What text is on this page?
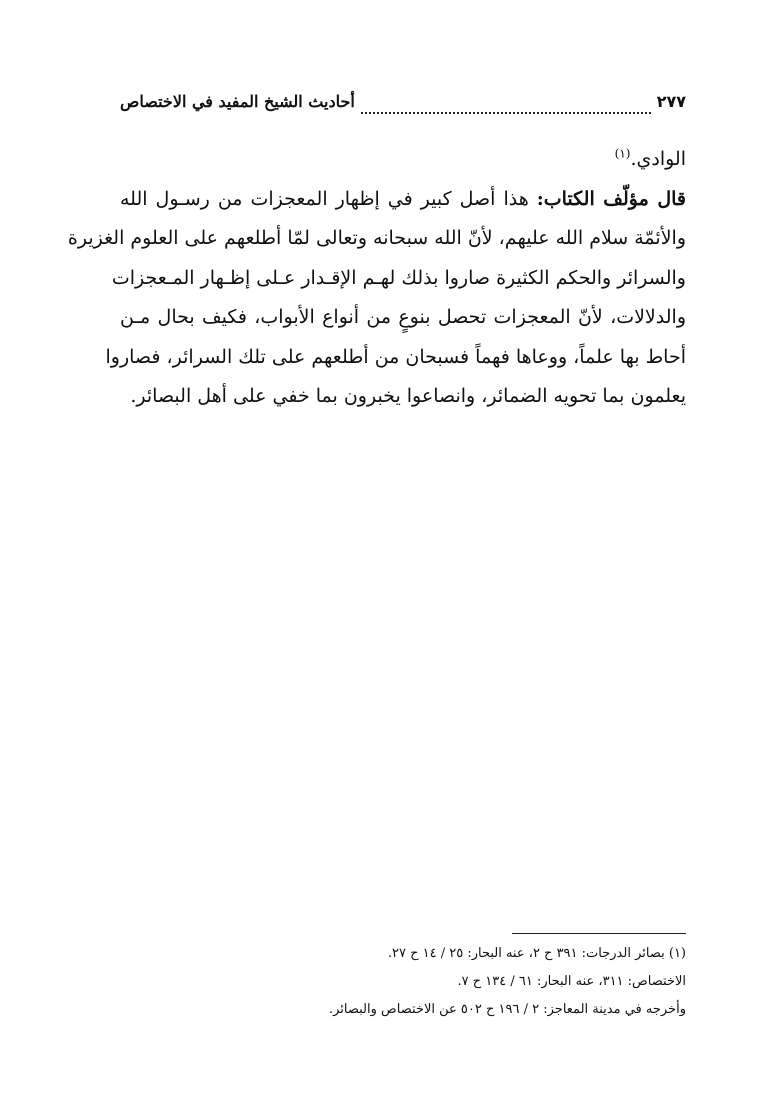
أحاديث الشيخ المفيد في الاختصاص	٢٧٧
الوادي.$^{(١)}$
قال مؤلّف الكتاب: هذا أصل كبير في إظهار المعجزات من رسـول الله
والأئمّة سلام الله عليهم، لأنّ الله سبحانه وتعالى لمّا أطلعهم على العلوم الغزيرة
والسرائر والحكم الكثيرة صاروا بذلك لهـم الإقـدار عـلى إظـهار المـعجزات
والدلالات، لأنّ المعجزات تحصل بنوعٍ من أنواع الأبواب، فكيف بحال مـن
أحاط بها علماً، ووعاها فهماً فسبحان من أطلعهم على تلك السرائر، فصاروا
يعلمون بما تحويه الضمائر، وانصاعوا يخبرون بما خفي على أهل البصائر.
(١) بصائر الدرجات: ٣٩١ ح ٢، عنه البحار: ٢٥ / ١٤ ح ٢٧.
الاختصاص: ٣١١، عنه البحار: ٦١ / ١٣٤ ح ٧.
وأخرجه في مدينة المعاجز: ٢ / ١٩٦ ح ٥٠٢ عن الاختصاص والبصائر.
